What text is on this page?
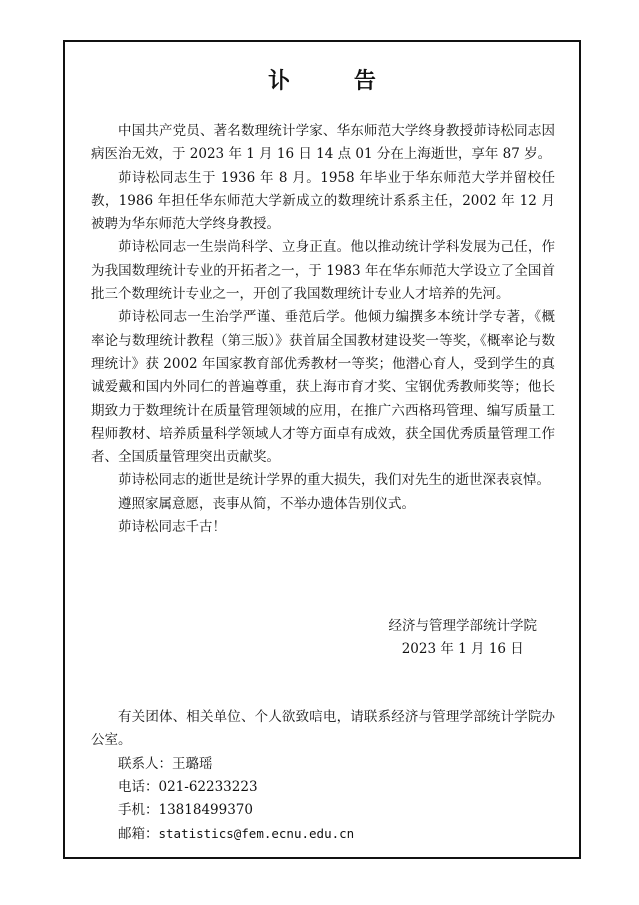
讣 告

中国共产党员、著名数理统计学家、华东师范大学终身教授茆诗松同志因病医治无效，于 2023 年 1 月 16 日 14 点 01 分在上海逝世，享年 87 岁。

茆诗松同志生于 1936 年 8 月。1958 年毕业于华东师范大学并留校任教，1986 年担任华东师范大学新成立的数理统计系系主任，2002 年 12 月被聘为华东师范大学终身教授。

茆诗松同志一生崇尚科学、立身正直。他以推动统计学科发展为己任，作为我国数理统计专业的开拓者之一，于 1983 年在华东师范大学设立了全国首批三个数理统计专业之一，开创了我国数理统计专业人才培养的先河。

茆诗松同志一生治学严谨、垂范后学。他倾力编撰多本统计学专著，《概率论与数理统计教程（第三版）》获首届全国教材建设奖一等奖，《概率论与数理统计》获 2002 年国家教育部优秀教材一等奖；他潜心育人，受到学生的真诚爱戴和国内外同仁的普遍尊重，获上海市育才奖、宝钢优秀教师奖等；他长期致力于数理统计在质量管理领域的应用，在推广六西格玛管理、编写质量工程师教材、培养质量科学领域人才等方面卓有成效，获全国优秀质量管理工作者、全国质量管理突出贡献奖。

茆诗松同志的逝世是统计学界的重大损失，我们对先生的逝世深表哀悼。

遵照家属意愿，丧事从简，不举办遗体告别仪式。

茆诗松同志千古！

经济与管理学部统计学院
2023 年 1 月 16 日

有关团体、相关单位、个人欲致唁电，请联系经济与管理学部统计学院办公室。

联系人：王璐瑶
电话：021-62233223
手机：13818499370
邮箱：statistics@fem.ecnu.edu.cn
